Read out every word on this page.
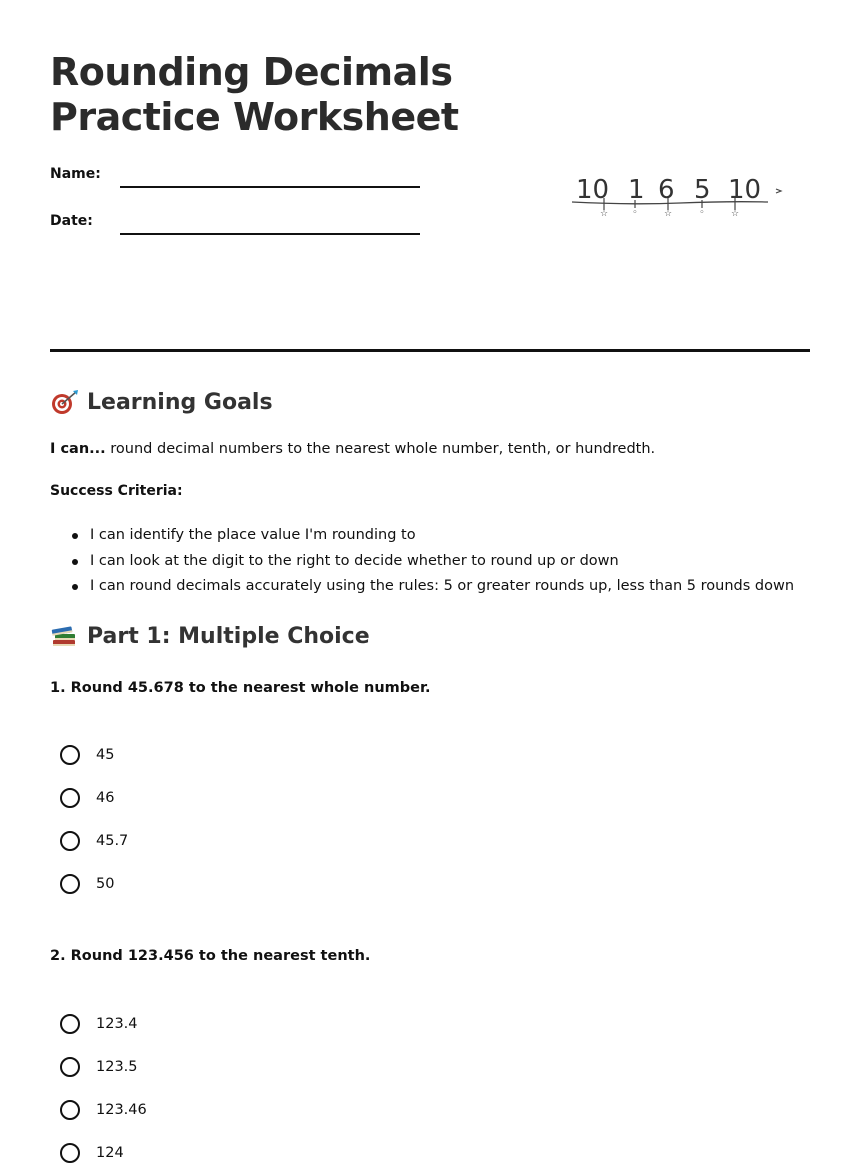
Rounding Decimals
Practice Worksheet
Name:
Date:
10 1 6 5 10
☆	◦	☆	◦	☆
Learning Goals
I can... round decimal numbers to the nearest whole number, tenth, or hundredth.
Success Criteria:
I can identify the place value I'm rounding to
I can look at the digit to the right to decide whether to round up or down
I can round decimals accurately using the rules: 5 or greater rounds up, less than 5 rounds down
Part 1: Multiple Choice
1. Round 45.678 to the nearest whole number.
45
46
45.7
50
2. Round 123.456 to the nearest tenth.
123.4
123.5
123.46
124
